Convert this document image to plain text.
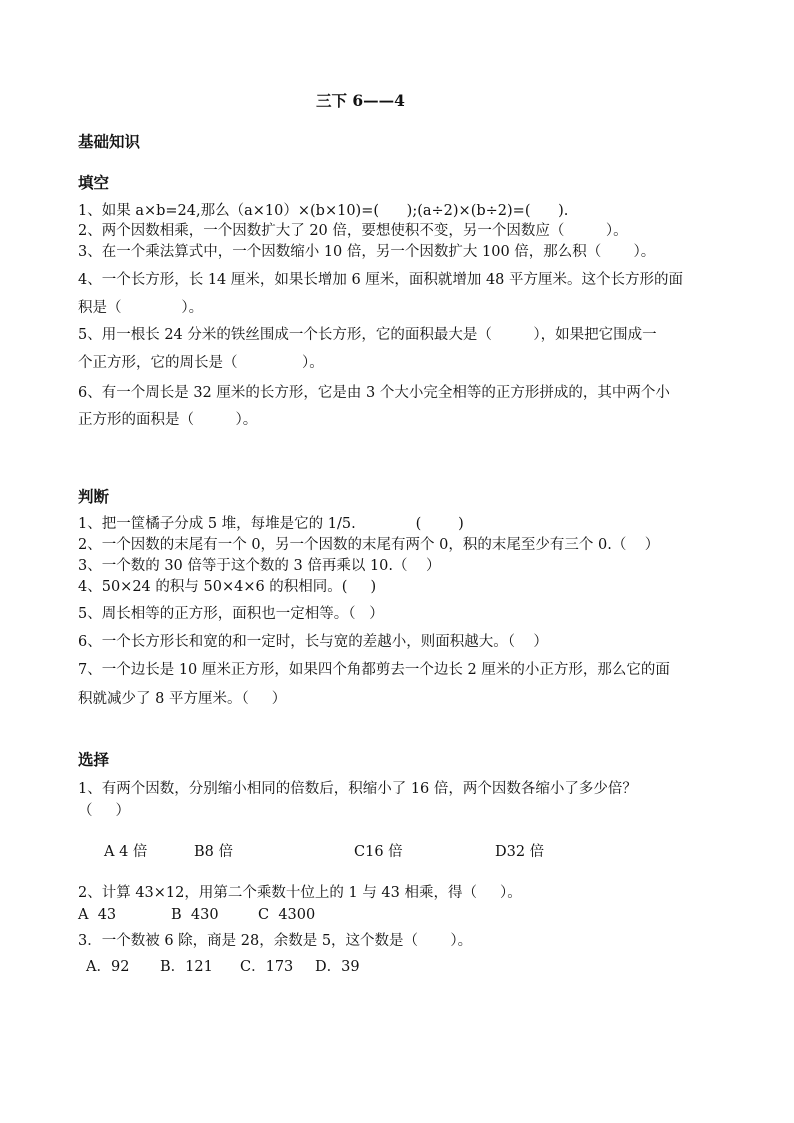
三下 6——4
基础知识
填空
1、如果 a×b=24,那么（a×10）×(b×10)=(      );(a÷2)×(b÷2)=(      ).
2、两个因数相乘，一个因数扩大了 20 倍，要想使积不变，另一个因数应（         ）。
3、在一个乘法算式中，一个因数缩小 10 倍，另一个因数扩大 100 倍，那么积（       ）。
4、一个长方形，长 14 厘米，如果长增加 6 厘米，面积就增加 48 平方厘米。这个长方形的面
积是（             ）。
5、用一根长 24 分米的铁丝围成一个长方形，它的面积最大是（         ），如果把它围成一
个正方形，它的周长是（              ）。
6、有一个周长是 32 厘米的长方形，它是由 3 个大小完全相等的正方形拼成的，其中两个小
正方形的面积是（         ）。
判断
1、把一筐橘子分成 5 堆，每堆是它的 1/5.             (        )
2、一个因数的末尾有一个 0，另一个因数的末尾有两个 0，积的末尾至少有三个 0.（    ）
3、一个数的 30 倍等于这个数的 3 倍再乘以 10.（    ）
4、50×24 的积与 50×4×6 的积相同。(     )
5、周长相等的正方形，面积也一定相等。（   ）
6、一个长方形长和宽的和一定时，长与宽的差越小，则面积越大。（    ）
7、一个边长是 10 厘米正方形，如果四个角都剪去一个边长 2 厘米的小正方形，那么它的面
积就减少了 8 平方厘米。（     ）
选择
1、有两个因数，分别缩小相同的倍数后，积缩小了 16 倍，两个因数各缩小了多少倍？
（     ）
A 4 倍	B8 倍	C16 倍	D32 倍
2、计算 43×12，用第二个乘数十位上的 1 与 43 相乘，得（     ）。
A  43	B  430	C  4300
3．一个数被 6 除，商是 28，余数是 5，这个数是（       ）。
A．92 B．121 C．173 D．39
